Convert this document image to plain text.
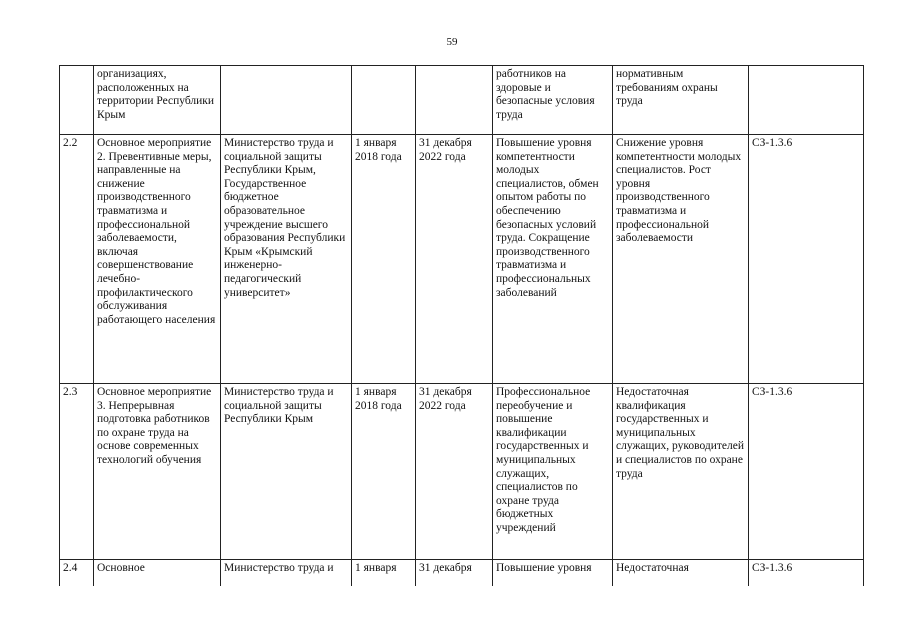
59
	организациях, расположенных на территории Республики Крым				работников на здоровые и безопасные условия труда	нормативным требованиям охраны труда	
2.2	Основное мероприятие 2. Превентивные меры, направленные на снижение производственного травматизма и профессиональной заболеваемости, включая совершенствование лечебно-профилактического обслуживания работающего населения	Министерство труда и социальной защиты Республики Крым, Государственное бюджетное образовательное учреждение высшего образования Республики Крым «Крымский инженерно-педагогический университет»	1 января 2018 года	31 декабря 2022 года	Повышение уровня компетентности молодых специалистов, обмен опытом работы по обеспечению безопасных условий труда. Сокращение производственного травматизма и профессиональных заболеваний	Снижение уровня компетентности молодых специалистов. Рост уровня производственного травматизма и профессиональной заболеваемости	СЗ-1.3.6
2.3	Основное мероприятие 3. Непрерывная подготовка работников по охране труда на основе современных технологий обучения	Министерство труда и социальной защиты Республики Крым	1 января 2018 года	31 декабря 2022 года	Профессиональное переобучение и повышение квалификации государственных и муниципальных служащих, специалистов по охране труда бюджетных учреждений	Недостаточная квалификация государственных и муниципальных служащих, руководителей и специалистов по охране труда	СЗ-1.3.6
2.4	Основное	Министерство труда и	1 января	31 декабря	Повышение уровня	Недостаточная	СЗ-1.3.6
